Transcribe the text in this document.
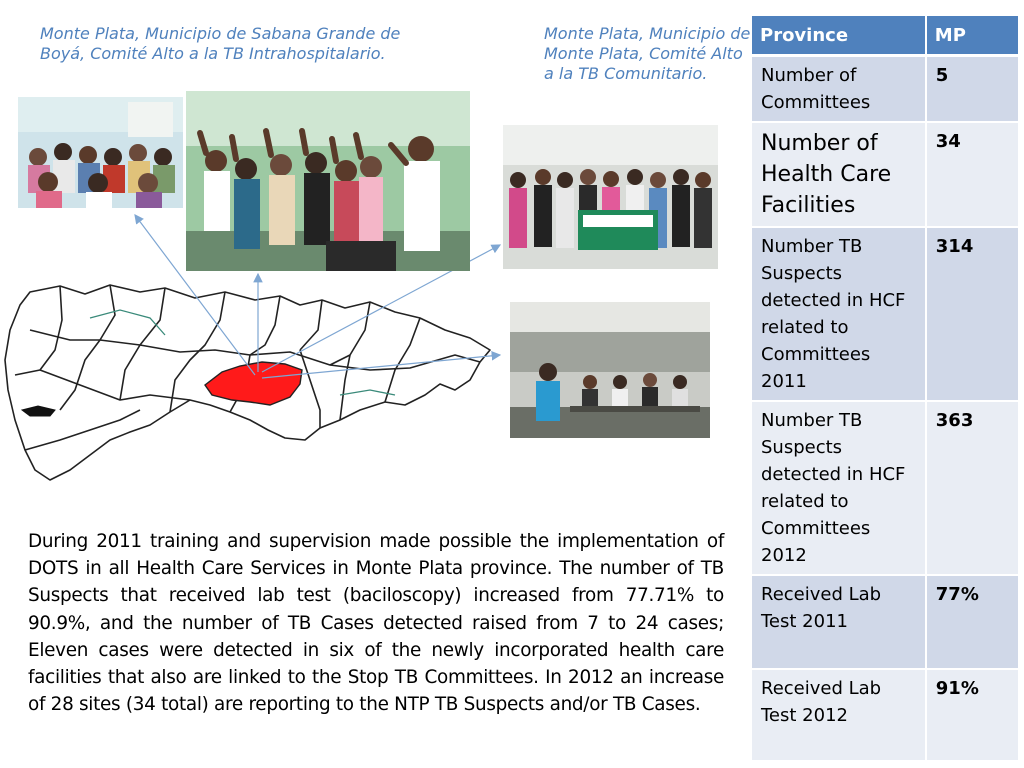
Monte Plata, Municipio de Sabana Grande de Boyá, Comité Alto a la TB Intrahospitalario.
Monte Plata, Municipio de Monte Plata, Comité Alto a la TB Comunitario.
During 2011 training and supervision made possible the implementation of DOTS in all Health Care Services in Monte Plata province. The number of TB Suspects that received lab test (baciloscopy) increased from 77.71% to 90.9%, and the number of TB Cases detected raised from 7 to 24 cases; Eleven cases were detected in six of the newly incorporated health care facilities that also are linked to the Stop TB Committees. In 2012 an increase of 28 sites (34 total) are reporting to the NTP TB Suspects and/or TB Cases.
Province	MP
Number of Committees	5
Number of Health Care Facilities	34
Number TB Suspects detected in HCF related to Committees 2011	314
Number TB Suspects detected in HCF related to Committees 2012	363
Received Lab Test 2011	77%
Received Lab Test 2012	91%
